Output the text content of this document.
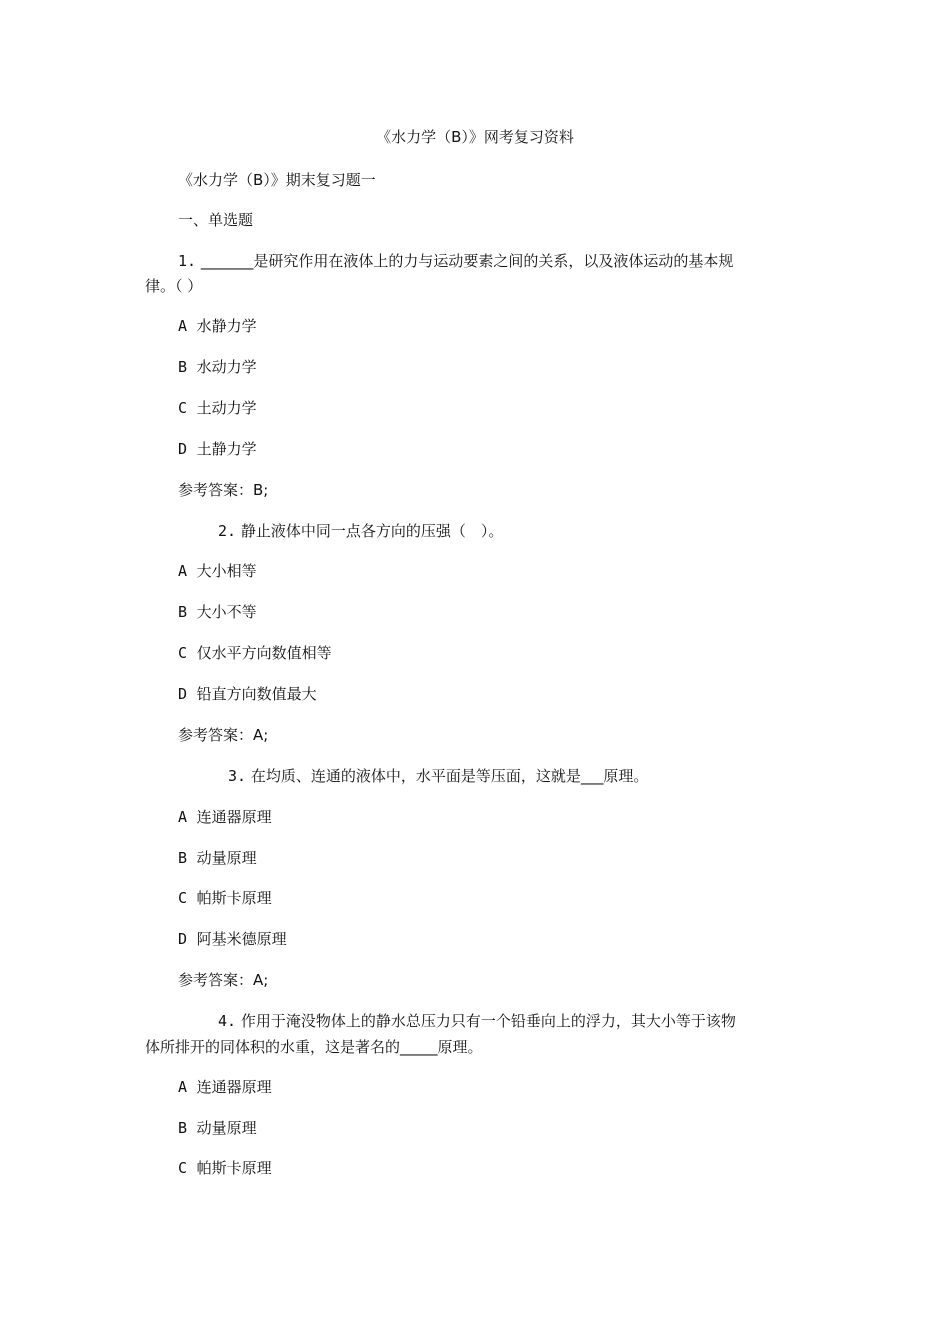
《水力学（B）》网考复习资料
《水力学（B）》期末复习题一
一、单选题
1. _______是研究作用在液体上的力与运动要素之间的关系，以及液体运动的基本规
律。（ ）
A 水静力学
B 水动力学
C 土动力学
D 土静力学
参考答案：B;
2. 静止液体中同一点各方向的压强（　）。
A 大小相等
B 大小不等
C 仅水平方向数值相等
D 铅直方向数值最大
参考答案：A;
3. 在均质、连通的液体中，水平面是等压面，这就是___原理。
A 连通器原理
B 动量原理
C 帕斯卡原理
D 阿基米德原理
参考答案：A;
4. 作用于淹没物体上的静水总压力只有一个铅垂向上的浮力，其大小等于该物
体所排开的同体积的水重，这是著名的_____原理。
A 连通器原理
B 动量原理
C 帕斯卡原理
